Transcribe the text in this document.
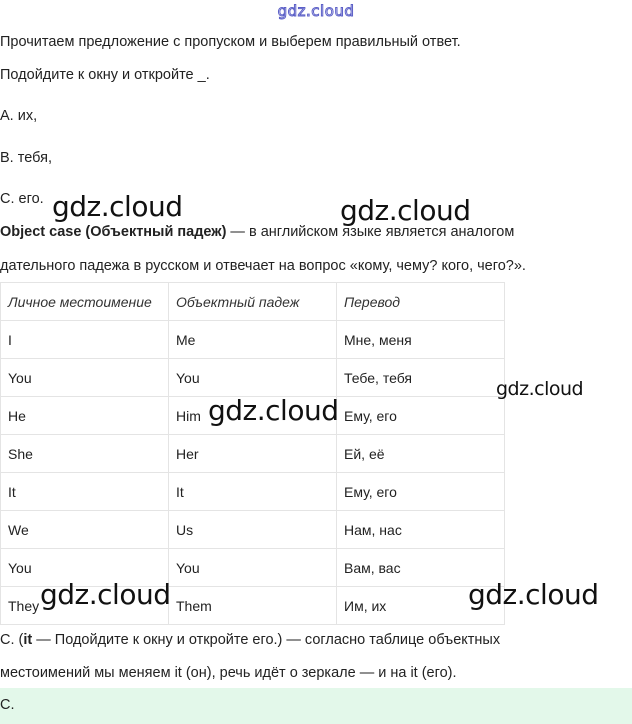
gdz.cloud
Прочитаем предложение с пропуском и выберем правильный ответ.
Подойдите к окну и откройте _.
A. их,
B. тебя,
C. его.
Object case (Объектный падеж) — в английском языке является аналогом
дательного падежа в русском и отвечает на вопрос «кому, чему? кого, чего?».
Личное местоимение	Объектный падеж	Перевод
I	Me	Мне, меня
You	You	Тебе, тебя
He	Him	Ему, его
She	Her	Ей, её
It	It	Ему, его
We	Us	Нам, нас
You	You	Вам, вас
They	Them	Им, их
C. (it — Подойдите к окну и откройте его.) — согласно таблице объектных
местоимений мы меняем it (он), речь идёт о зеркале — и на it (его).
C.
gdz.cloud	gdz.cloud
gdz.cloud
gdz.cloud
gdz.cloud	gdz.cloud
